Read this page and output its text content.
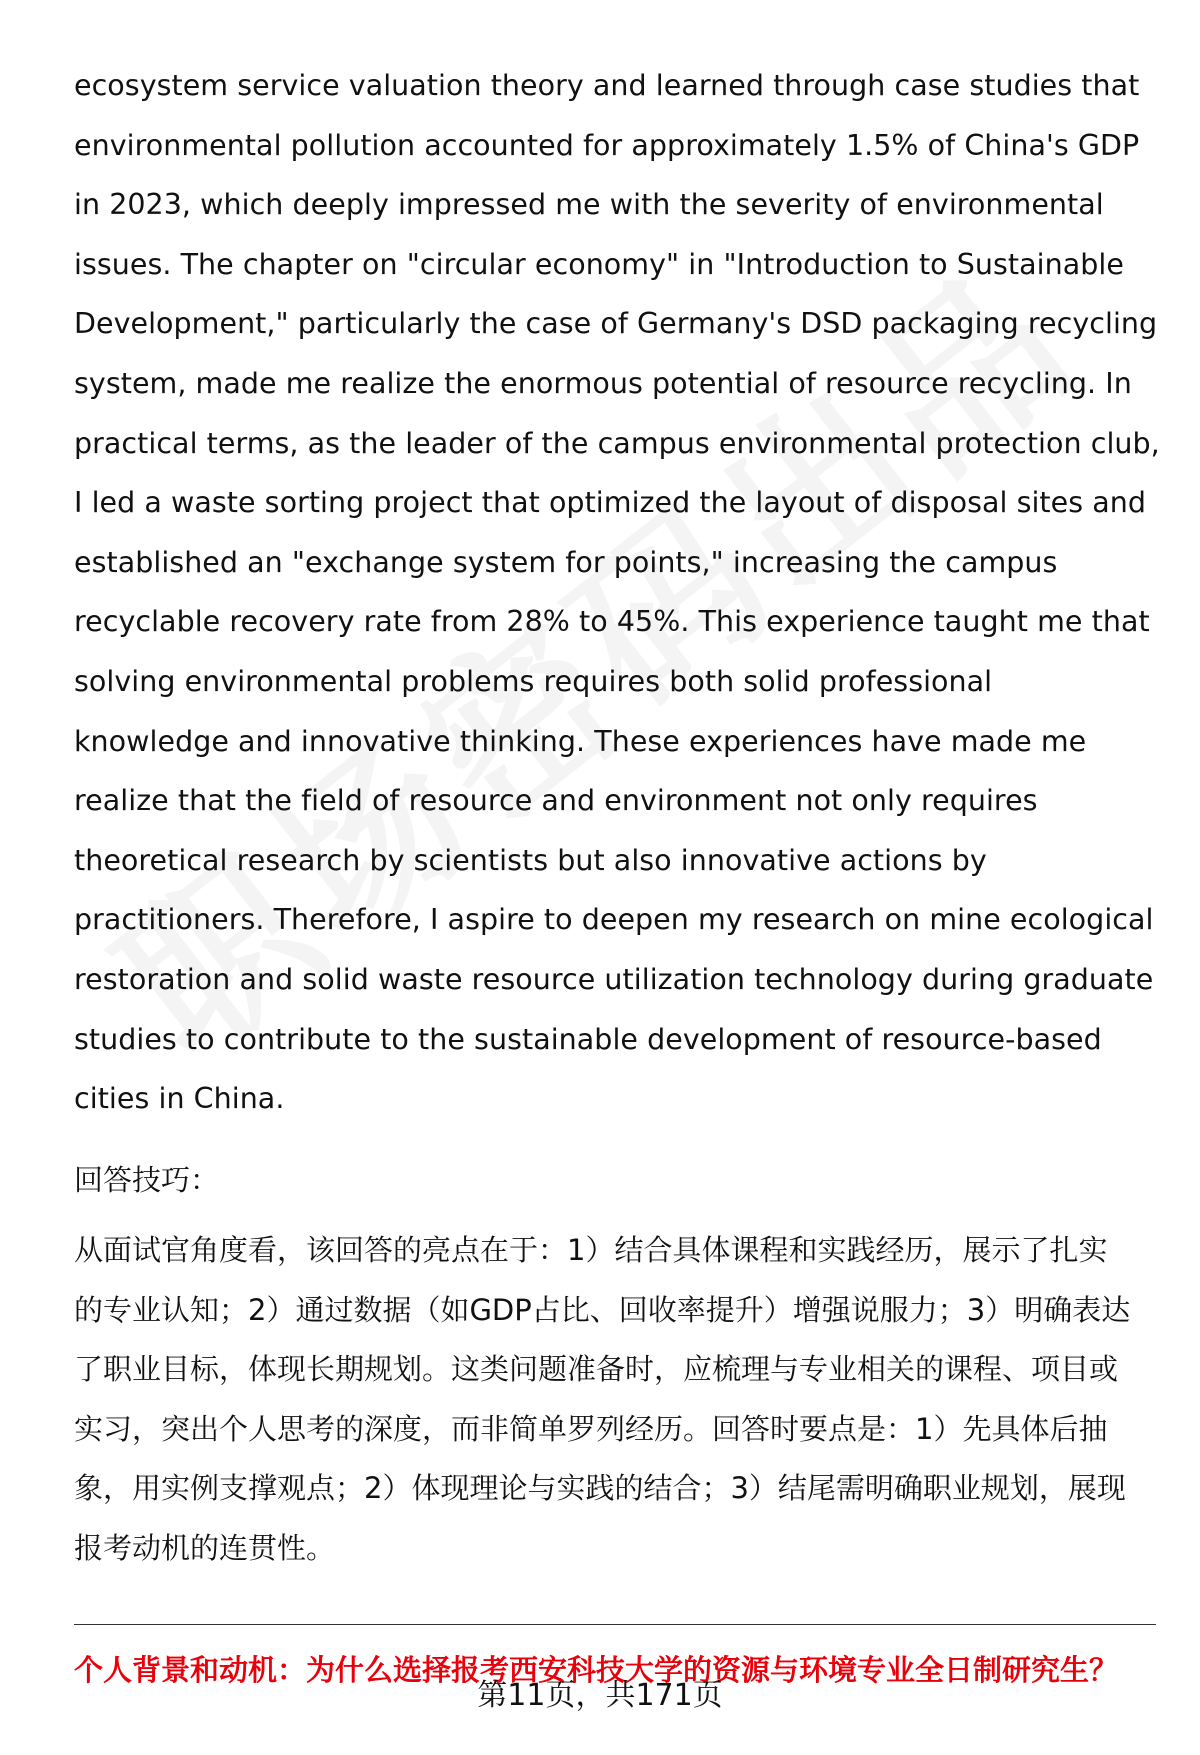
ecosystem service valuation theory and learned through case studies that
environmental pollution accounted for approximately 1.5% of China's GDP
in 2023, which deeply impressed me with the severity of environmental
issues. The chapter on "circular economy" in "Introduction to Sustainable
Development," particularly the case of Germany's DSD packaging recycling
system, made me realize the enormous potential of resource recycling. In
practical terms, as the leader of the campus environmental protection club,
I led a waste sorting project that optimized the layout of disposal sites and
established an "exchange system for points," increasing the campus
recyclable recovery rate from 28% to 45%. This experience taught me that
solving environmental problems requires both solid professional
knowledge and innovative thinking. These experiences have made me
realize that the field of resource and environment not only requires
theoretical research by scientists but also innovative actions by
practitioners. Therefore, I aspire to deepen my research on mine ecological
restoration and solid waste resource utilization technology during graduate
studies to contribute to the sustainable development of resource-based
cities in China.

回答技巧：

从面试官角度看，该回答的亮点在于：1）结合具体课程和实践经历，展示了扎实
的专业认知；2）通过数据（如GDP占比、回收率提升）增强说服力；3）明确表达
了职业目标，体现长期规划。这类问题准备时，应梳理与专业相关的课程、项目或
实习，突出个人思考的深度，而非简单罗列经历。回答时要点是：1）先具体后抽
象，用实例支撑观点；2）体现理论与实践的结合；3）结尾需明确职业规划，展现
报考动机的连贯性。

个人背景和动机：为什么选择报考西安科技大学的资源与环境专业全日制研究生？
第11页，共171页
